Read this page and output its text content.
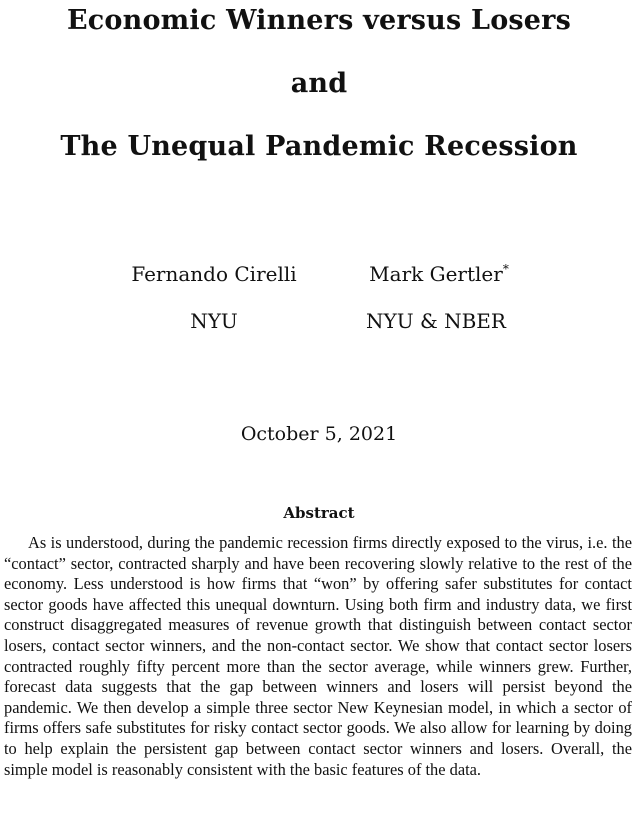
Economic Winners versus Losers
and
The Unequal Pandemic Recession
Fernando Cirelli
NYU
Mark Gertler*
NYU & NBER
October 5, 2021
Abstract

As is understood, during the pandemic recession firms directly exposed to the virus, i.e. the “contact” sector, contracted sharply and have been recovering slowly relative to the rest of the economy. Less understood is how firms that “won” by offering safer substitutes for contact sector goods have affected this unequal downturn. Using both firm and industry data, we first construct disaggregated measures of revenue growth that distinguish between contact sector losers, contact sector winners, and the non-contact sector. We show that contact sector losers contracted roughly fifty percent more than the sector average, while winners grew. Further, forecast data suggests that the gap between winners and losers will persist beyond the pandemic. We then develop a simple three sector New Keynesian model, in which a sector of firms offers safe substitutes for risky contact sector goods. We also allow for learning by doing to help explain the persistent gap between contact sector winners and losers. Overall, the simple model is reasonably consistent with the basic features of the data.
